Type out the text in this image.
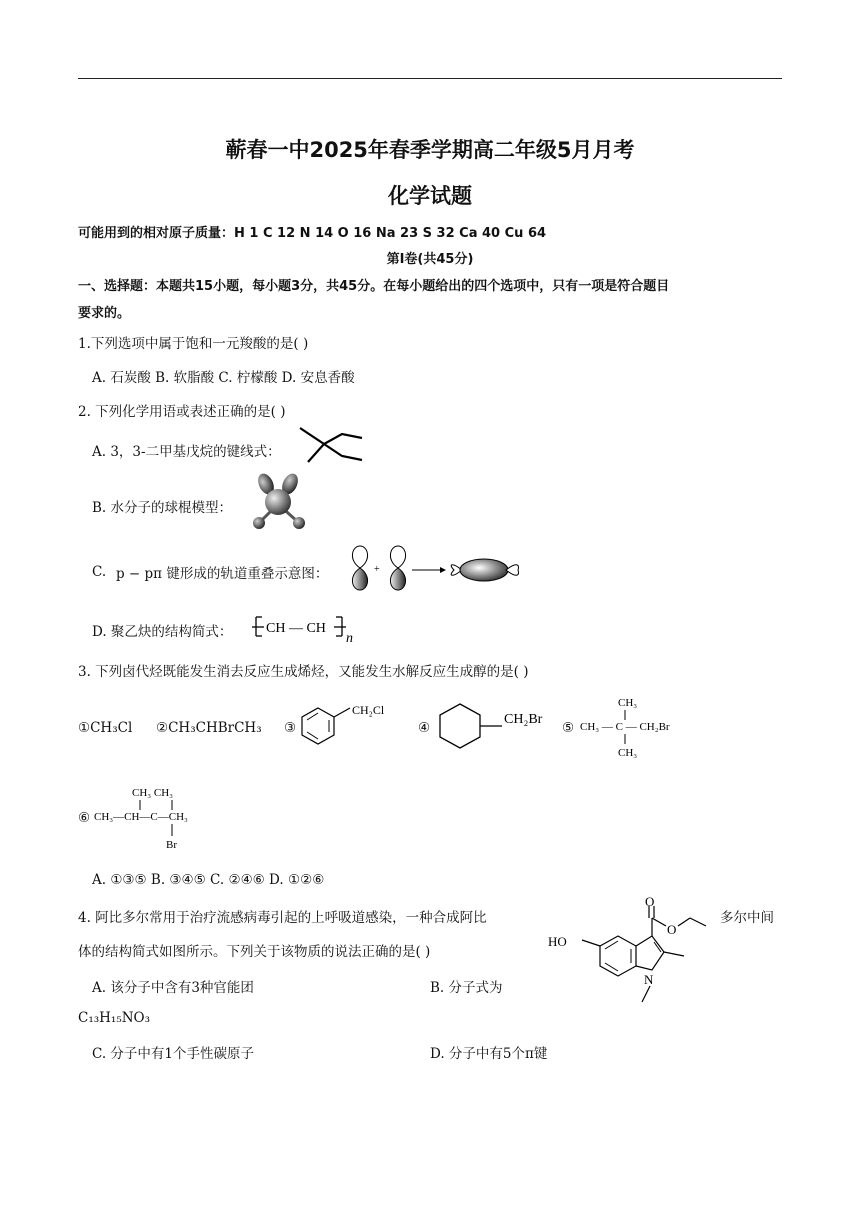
蕲春一中2025年春季学期高二年级5月月考
化学试题
可能用到的相对原子质量：H 1 C 12 N 14 O 16 Na 23 S 32 Ca 40 Cu 64
第Ⅰ卷(共45分)
一、选择题：本题共15小题，每小题3分，共45分。在每小题给出的四个选项中，只有一项是符合题目
要求的。
1.下列选项中属于饱和一元羧酸的是( )
A. 石炭酸 B. 软脂酸 C. 柠檬酸 D. 安息香酸
2. 下列化学用语或表述正确的是( )
A. 3，3-二甲基戊烷的键线式：
B. 水分子的球棍模型：
C. p − pπ 键形成的轨道重叠示意图：	+
D. 聚乙炔的结构简式： CH — CH
n
3. 下列卤代烃既能发生消去反应生成烯烃，又能发生水解反应生成醇的是( )
①CH₃Cl ②CH₃CHBrCH₃ ③
CH₂Cl
④
CH₂Br
⑤
CH₃
CH₃ — C — CH₂Br
CH₃
⑥
CH₃ CH₃
CH₃—CH—C—CH₃
Br
A. ①③⑤ B. ③④⑤ C. ②④⑥ D. ①②⑥
4. 阿比多尔常用于治疗流感病毒引起的上呼吸道感染，一种合成阿比	多尔中间
体的结构简式如图所示。下列关于该物质的说法正确的是( )
HO
O
O
N
A. 该分子中含有3种官能团	B. 分子式为
C₁₃H₁₅NO₃
C. 分子中有1个手性碳原子	D. 分子中有5个π键
